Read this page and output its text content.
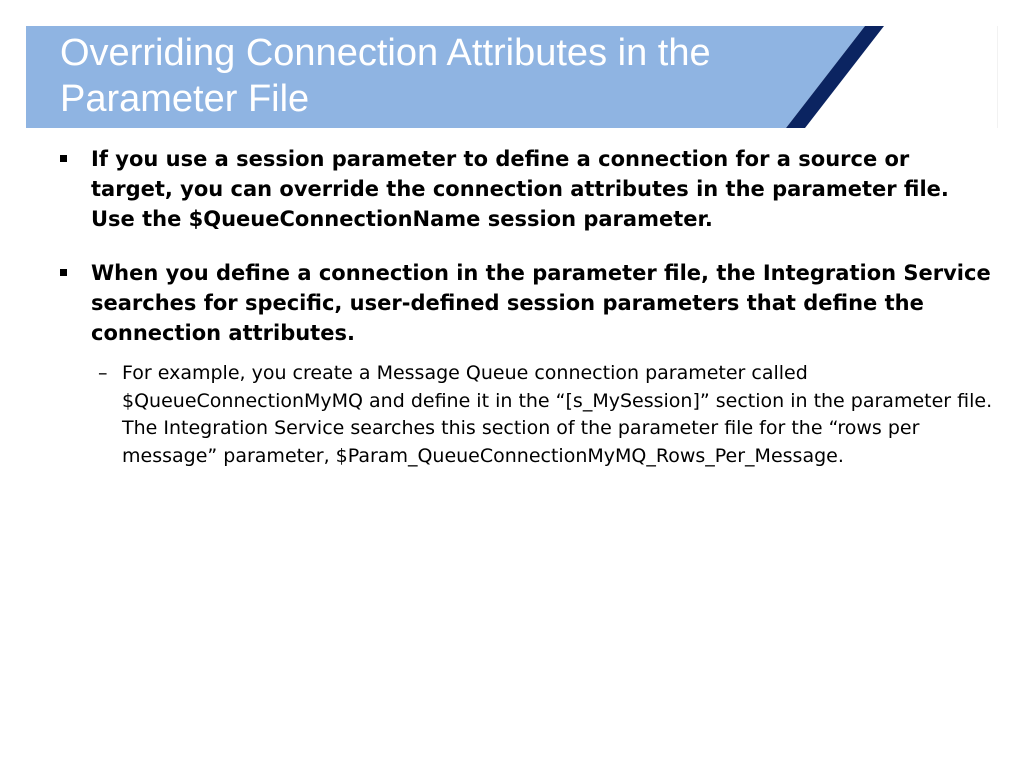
Overriding Connection Attributes in the
Parameter File
If you use a session parameter to define a connection for a source or target, you can override the connection attributes in the parameter file. Use the $QueueConnectionName session parameter.
When you define a connection in the parameter file, the Integration Service searches for specific, user-defined session parameters that define the connection attributes.
– For example, you create a Message Queue connection parameter called $QueueConnectionMyMQ and define it in the “[s_MySession]” section in the parameter file. The Integration Service searches this section of the parameter file for the “rows per message” parameter, $Param_QueueConnectionMyMQ_Rows_Per_Message.
